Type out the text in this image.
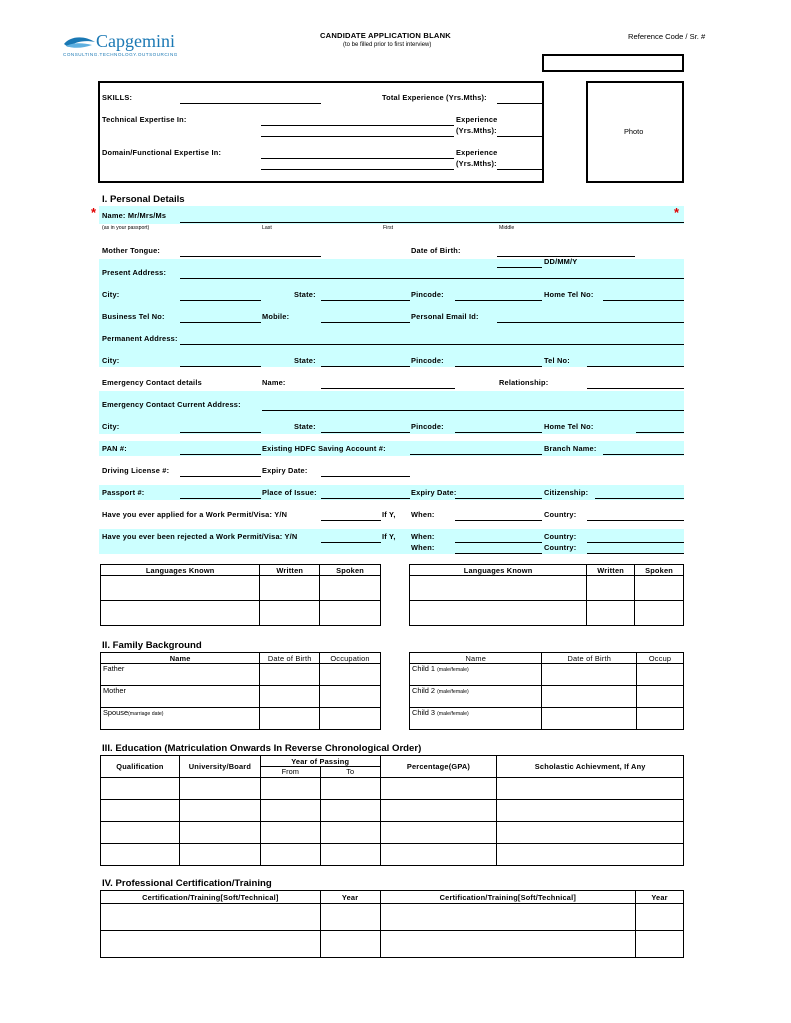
Capgemini
CONSULTING.TECHNOLOGY.OUTSOURCING
CANDIDATE APPLICATION BLANK
(to be filled prior to first interview)
Reference Code / Sr. #
SKILLS:	Total Experience (Yrs.Mths):
Technical Expertise In:	Experience
(Yrs.Mths):
Domain/Functional Expertise In:	Experience
(Yrs.Mths):
Photo
I. Personal Details
*	*
Name: Mr/Mrs/Ms
(as in your passport)	Last	First	Middle
Mother Tongue:	Date of Birth:
DD/MM/Y
Present Address:
City:	State:	Pincode:	Home Tel No:
Business Tel No:	Mobile:	Personal Email Id:
Permanent Address:
City:	State:	Pincode:	Tel No:
Emergency Contact details	Name:	Relationship:
Emergency Contact Current Address:
City:	State:	Pincode:	Home Tel No:
PAN #:	Existing HDFC Saving Account #:	Branch Name:
Driving License #:	Expiry Date:
Passport #:	Place of Issue:	Expiry Date:	Citizenship:
Have you ever applied for a Work Permit/Visa: Y/N	If Y, When:	Country:
Have you ever been rejected a Work Permit/Visa: Y/N	If Y, When:	Country:
When:	Country:
Languages Known	Written	Spoken

			Languages Known	Written	Spoken

II. Family Background
Name	Date of Birth	Occupation
Father		
Mother		
Spouse(marriage date)		
Name	Date of Birth	Occup
Child 1 (male/female)		
Child 2 (male/female)		
Child 3 (male/female)		
III. Education (Matriculation Onwards In Reverse Chronological Order)
Qualification	University/Board	Year of Passing		Percentage(GPA)	Scholastic Achievment, If Any
		From	To		

IV. Professional Certification/Training
Certification/Training[Soft/Technical]	Year	Certification/Training[Soft/Technical]	Year
